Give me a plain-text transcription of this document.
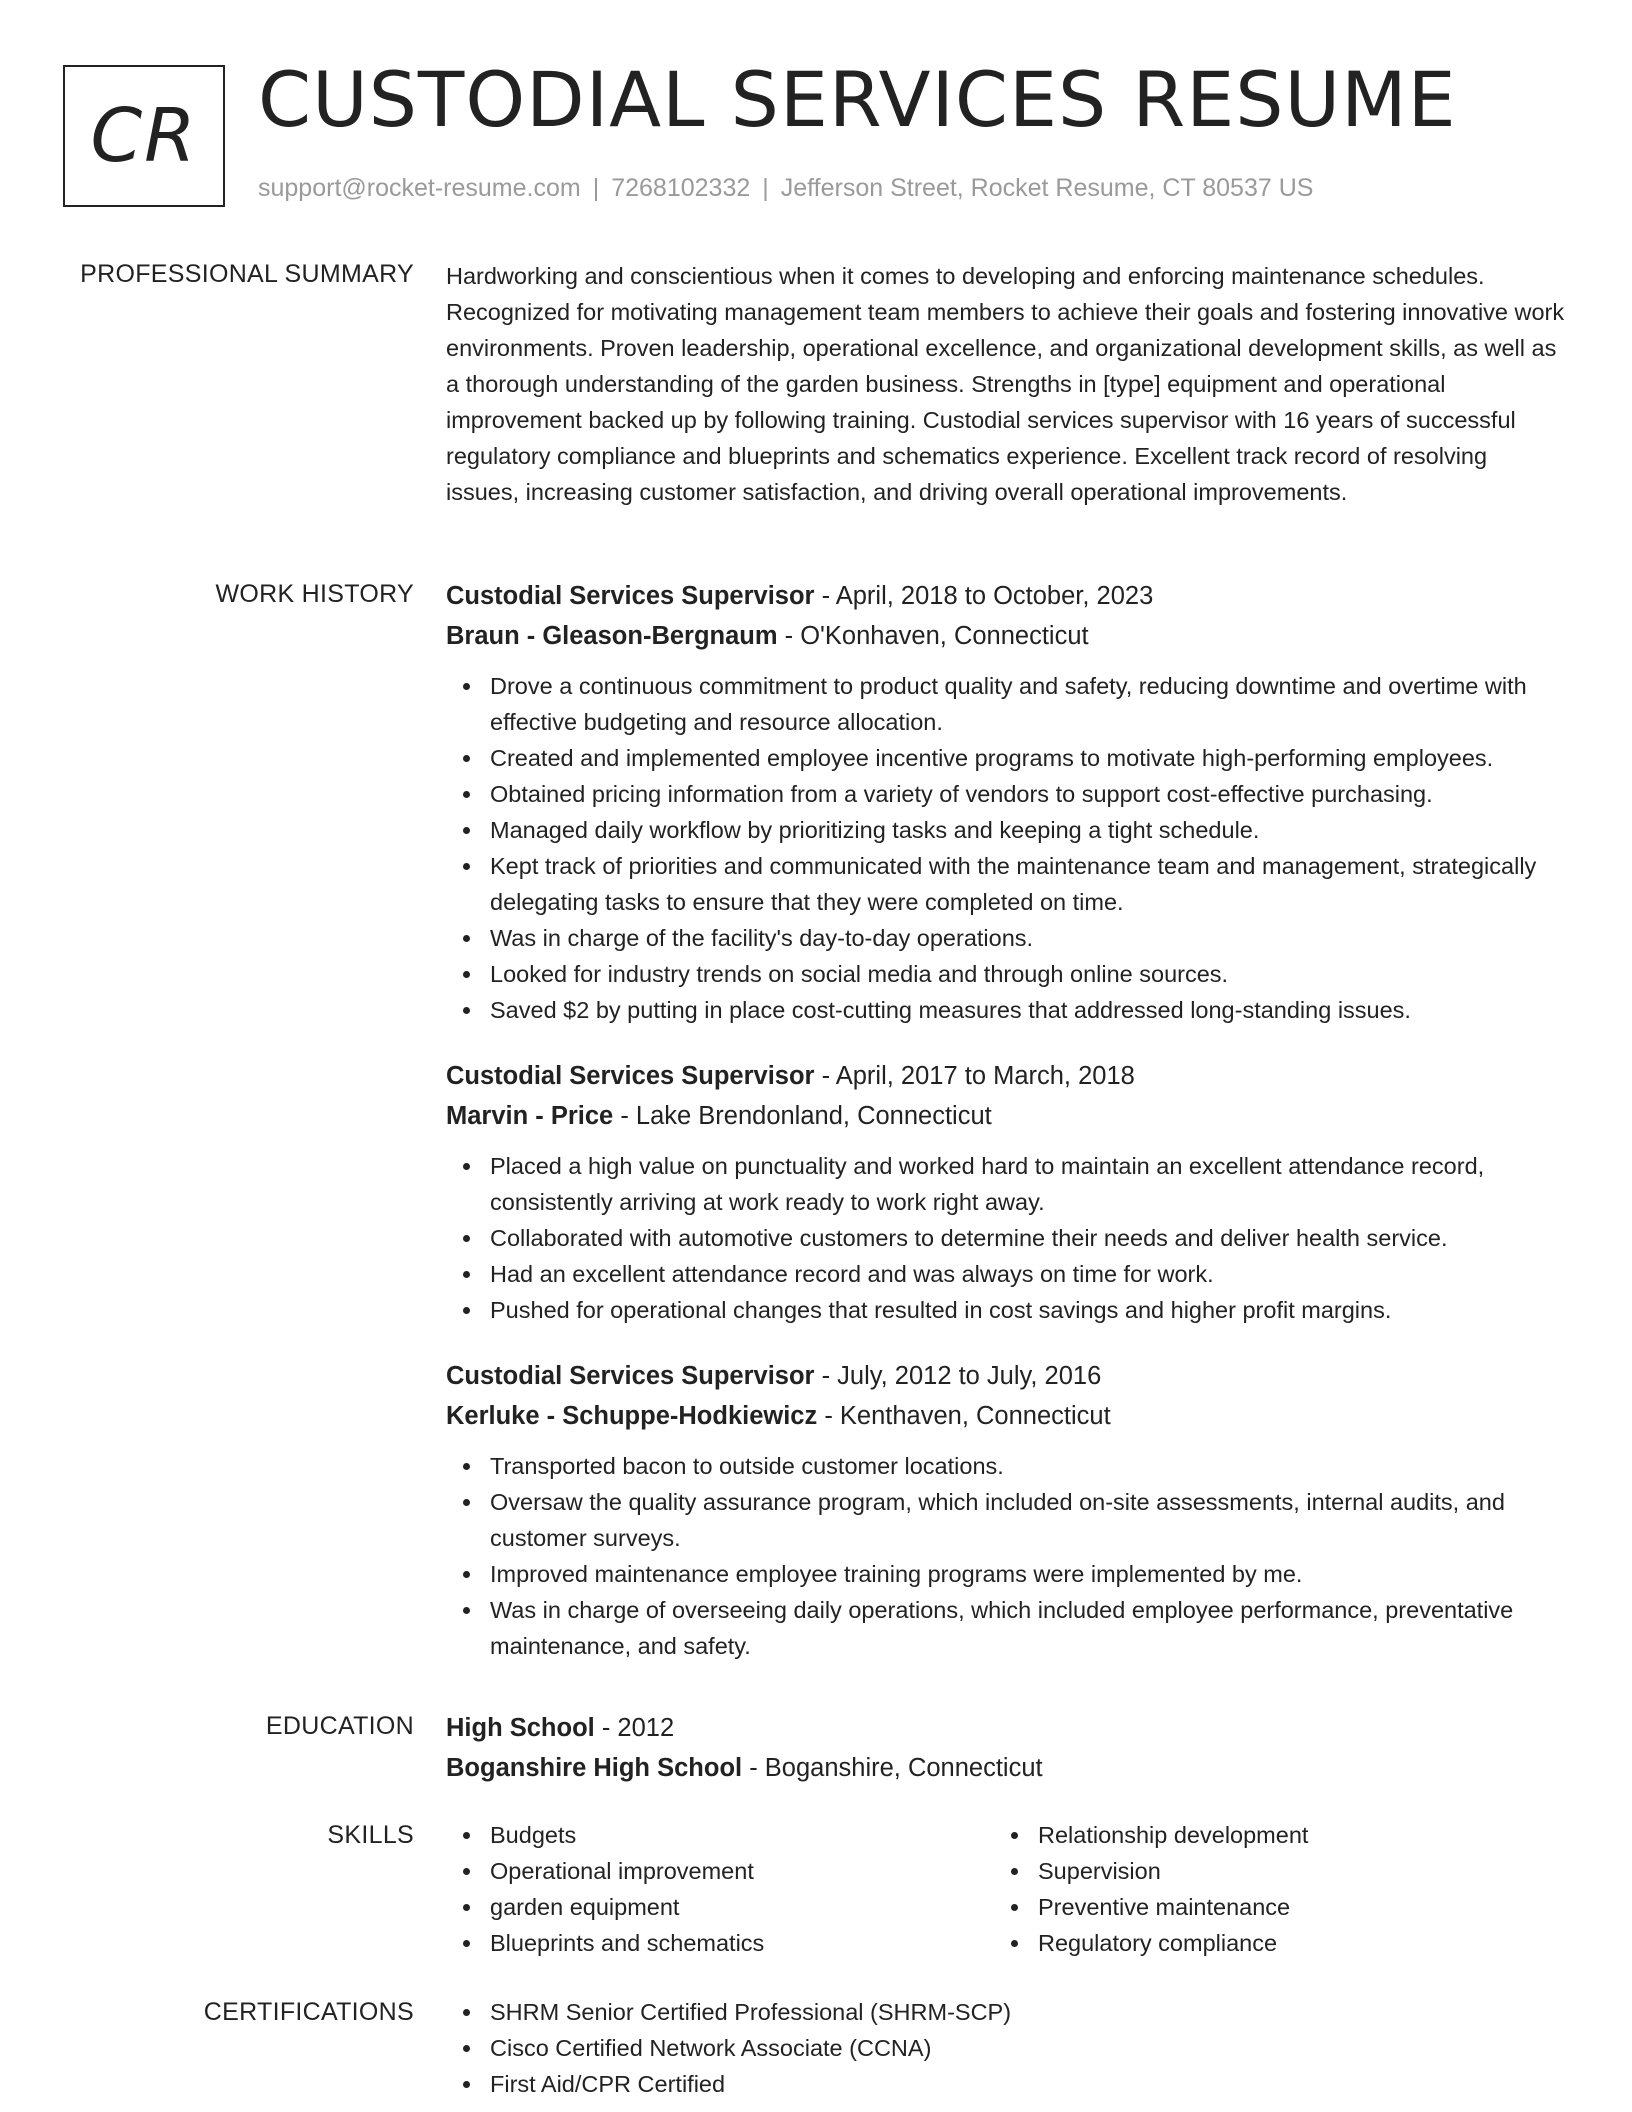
CR CUSTODIAL SERVICES RESUME
support@rocket-resume.com | 7268102332 | Jefferson Street, Rocket Resume, CT 80537 US
PROFESSIONAL SUMMARY Hardworking and conscientious when it comes to developing and enforcing maintenance schedules. Recognized for motivating management team members to achieve their goals and fostering innovative work environments. Proven leadership, operational excellence, and organizational development skills, as well as a thorough understanding of the garden business. Strengths in [type] equipment and operational improvement backed up by following training. Custodial services supervisor with 16 years of successful regulatory compliance and blueprints and schematics experience. Excellent track record of resolving issues, increasing customer satisfaction, and driving overall operational improvements.

WORK HISTORY Custodial Services Supervisor - April, 2018 to October, 2023
Braun - Gleason-Bergnaum - O'Konhaven, Connecticut
Drove a continuous commitment to product quality and safety, reducing downtime and overtime with effective budgeting and resource allocation.
Created and implemented employee incentive programs to motivate high-performing employees.
Obtained pricing information from a variety of vendors to support cost-effective purchasing.
Managed daily workflow by prioritizing tasks and keeping a tight schedule.
Kept track of priorities and communicated with the maintenance team and management, strategically delegating tasks to ensure that they were completed on time.
Was in charge of the facility's day-to-day operations.
Looked for industry trends on social media and through online sources.
Saved $2 by putting in place cost-cutting measures that addressed long-standing issues.
Custodial Services Supervisor - April, 2017 to March, 2018
Marvin - Price - Lake Brendonland, Connecticut
Placed a high value on punctuality and worked hard to maintain an excellent attendance record, consistently arriving at work ready to work right away.
Collaborated with automotive customers to determine their needs and deliver health service.
Had an excellent attendance record and was always on time for work.
Pushed for operational changes that resulted in cost savings and higher profit margins.
Custodial Services Supervisor - July, 2012 to July, 2016
Kerluke - Schuppe-Hodkiewicz - Kenthaven, Connecticut
Transported bacon to outside customer locations.
Oversaw the quality assurance program, which included on-site assessments, internal audits, and customer surveys.
Improved maintenance employee training programs were implemented by me.
Was in charge of overseeing daily operations, which included employee performance, preventative maintenance, and safety.
EDUCATION High School - 2012
Boganshire High School - Boganshire, Connecticut
SKILLS	Budgets
Operational improvement
garden equipment
Blueprints and schematics
Relationship development
Supervision
Preventive maintenance
Regulatory compliance
CERTIFICATIONS	SHRM Senior Certified Professional (SHRM-SCP)
Cisco Certified Network Associate (CCNA)
First Aid/CPR Certified
